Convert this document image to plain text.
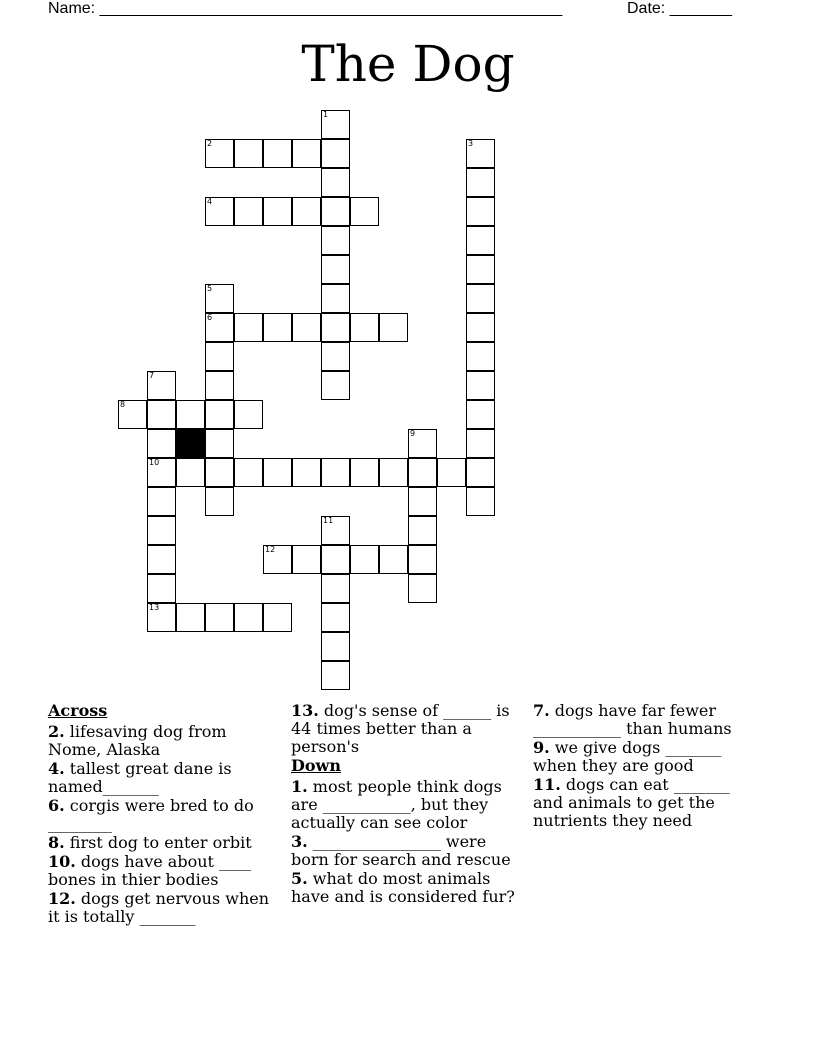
Name: ____________________________________________________	Date: _______
The Dog
1
2	3
4
5
6
7
8
9
10
11
12
13
Across
2. lifesaving dog from Nome, Alaska
4. tallest great dane is named_______
6. corgis were bred to do ________
8. first dog to enter orbit
10. dogs have about ____ bones in thier bodies
12. dogs get nervous when it is totally _______
13. dog's sense of ______ is 44 times better than a person's
Down
1. most people think dogs are ___________, but they actually can see color
3. ________________ were born for search and rescue
5. what do most animals have and is considered fur?
7. dogs have far fewer ___________ than humans
9. we give dogs _______ when they are good
11. dogs can eat _______ and animals to get the nutrients they need
